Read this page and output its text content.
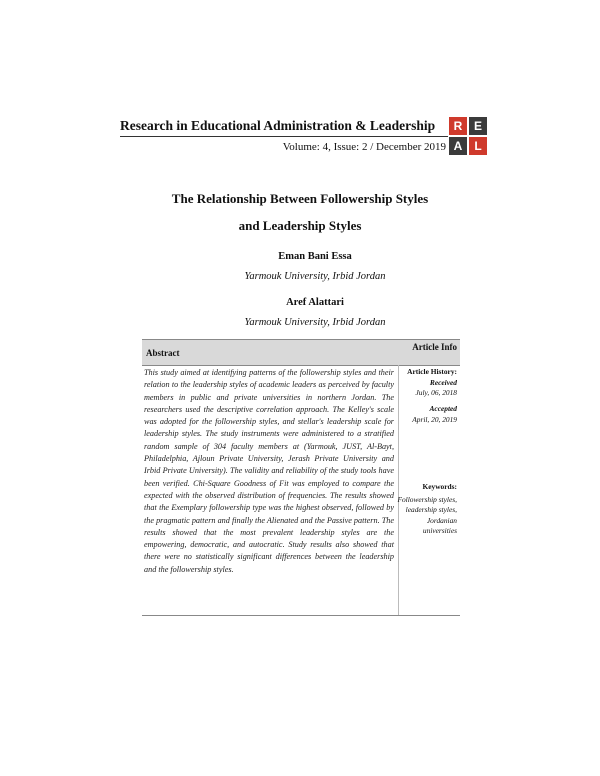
Research in Educational Administration & Leadership	R E
A	L
Volume: 4, Issue: 2 / December 2019
The Relationship Between Followership Styles
and Leadership Styles
Eman Bani Essa
Yarmouk University, Irbid Jordan
Aref Alattari
Yarmouk University, Irbid Jordan
Abstract
Article Info
This study aimed at identifying patterns of the followership styles and their relation to the leadership styles of academic leaders as perceived by faculty members in public and private universities in northern Jordan. The researchers used the descriptive correlation approach. The Kelley's scale was adopted for the followership styles, and stellar's leadership scale for leadership styles. The study instruments were administered to a stratified random sample of 304 faculty members at (Yarmouk, JUST, Al-Bayt, Philadelphia, Ajloun Private University, Jerash Private University and Irbid Private University). The validity and reliability of the study tools have been verified. Chi-Square Goodness of Fit was employed to compare the expected with the observed distribution of frequencies. The results showed that the Exemplary followership type was the highest observed, followed by the pragmatic pattern and finally the Alienated and the Passive pattern. The results showed that the most prevalent leadership styles are the empowering, democratic, and autocratic. Study results also showed that there were no statistically significant differences between the leadership and the followership styles.
Article History:
Received
July, 06, 2018
Accepted
April, 20, 2019
Keywords:
Followership styles,
leadership styles,
Jordanian universities
